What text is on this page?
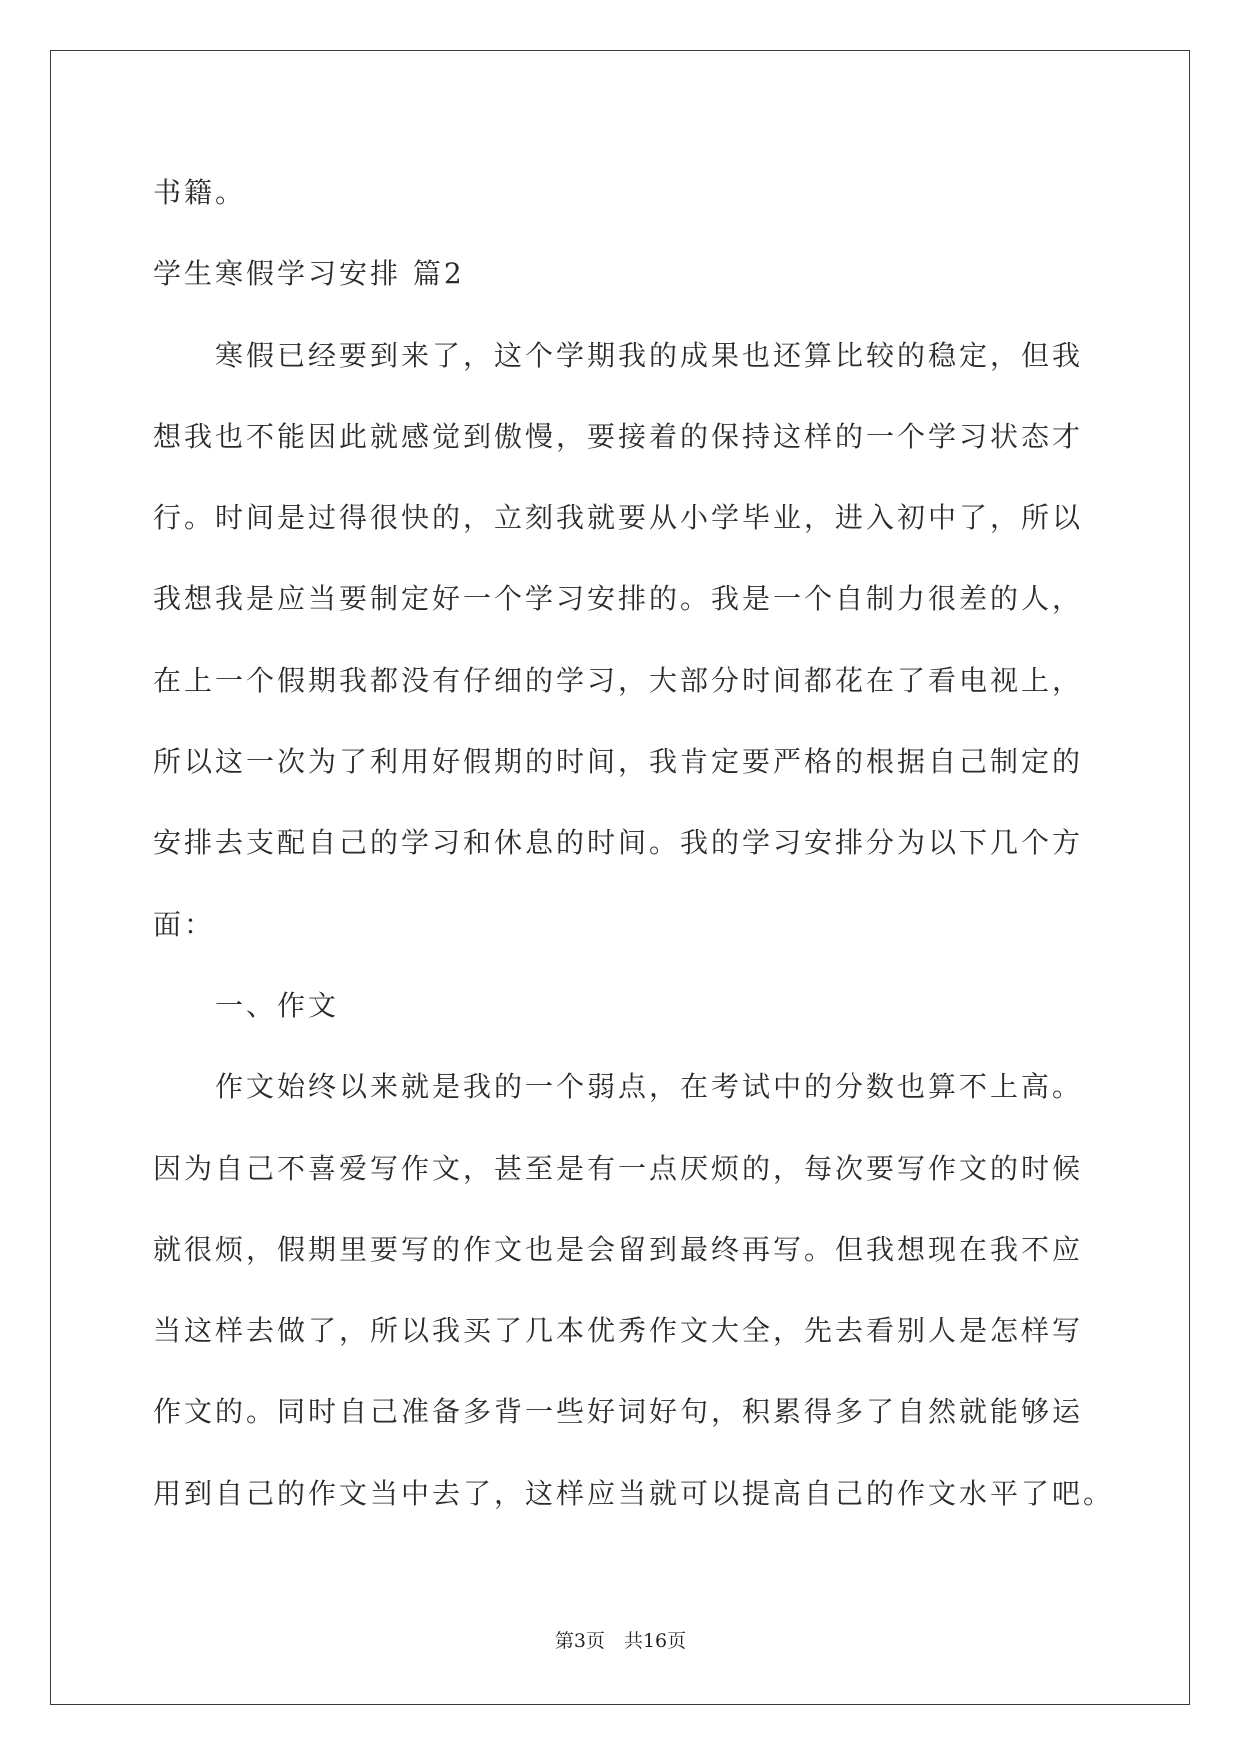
书籍。
学生寒假学习安排 篇2
寒假已经要到来了，这个学期我的成果也还算比较的稳定，但我
想我也不能因此就感觉到傲慢，要接着的保持这样的一个学习状态才
行。时间是过得很快的，立刻我就要从小学毕业，进入初中了，所以
我想我是应当要制定好一个学习安排的。我是一个自制力很差的人，
在上一个假期我都没有仔细的学习，大部分时间都花在了看电视上，
所以这一次为了利用好假期的时间，我肯定要严格的根据自己制定的
安排去支配自己的学习和休息的时间。我的学习安排分为以下几个方
面：
一、作文
作文始终以来就是我的一个弱点，在考试中的分数也算不上高。
因为自己不喜爱写作文，甚至是有一点厌烦的，每次要写作文的时候
就很烦，假期里要写的作文也是会留到最终再写。但我想现在我不应
当这样去做了，所以我买了几本优秀作文大全，先去看别人是怎样写
作文的。同时自己准备多背一些好词好句，积累得多了自然就能够运
用到自己的作文当中去了，这样应当就可以提高自己的作文水平了吧。
第3页　共16页
